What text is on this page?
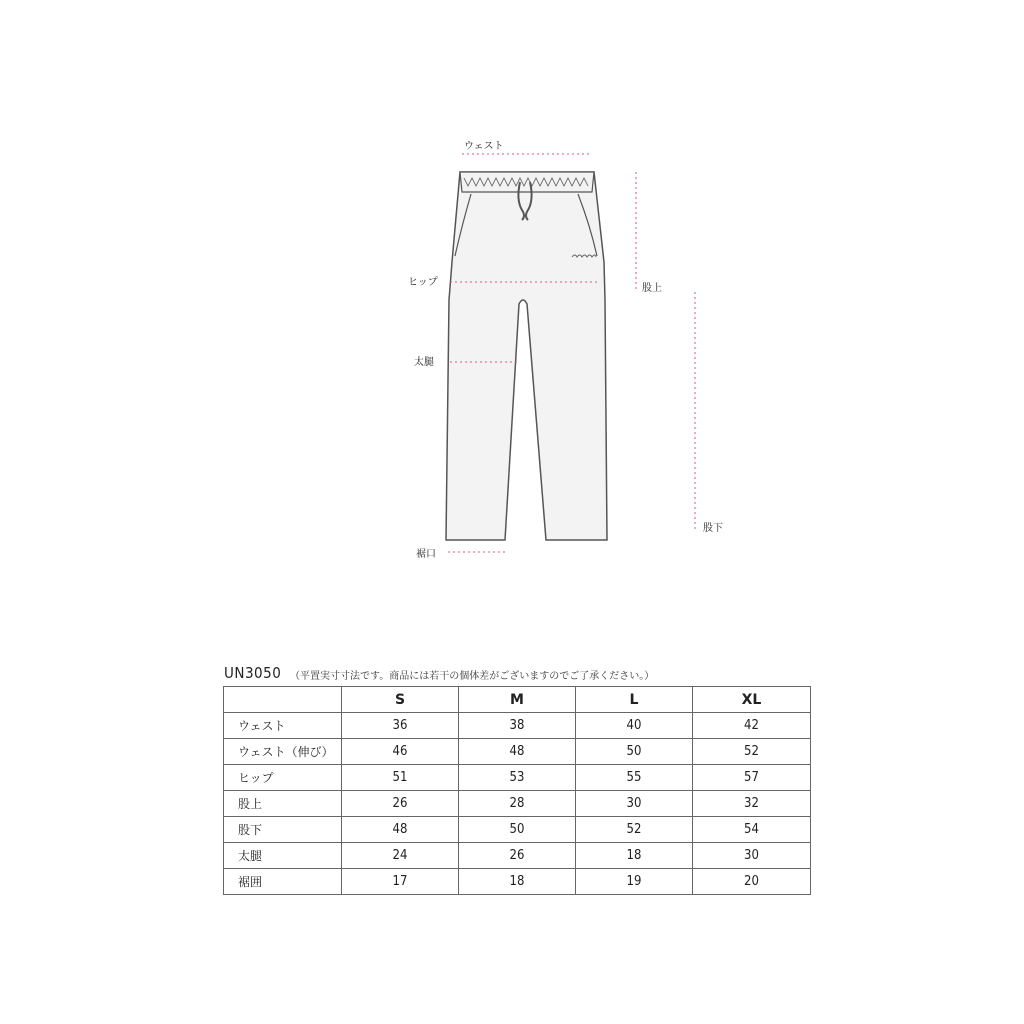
ウェスト
ヒップ
太腿
裾口
股上
股下
UN3050 （平置実寸寸法です。商品には若干の個体差がございますのでご了承ください。）
	S	M	L	XL
ウェスト	36	38	40	42
ウェスト（伸び）	46	48	50	52
ヒップ	51	53	55	57
股上	26	28	30	32
股下	48	50	52	54
太腿	24	26	18	30
裾囲	17	18	19	20
